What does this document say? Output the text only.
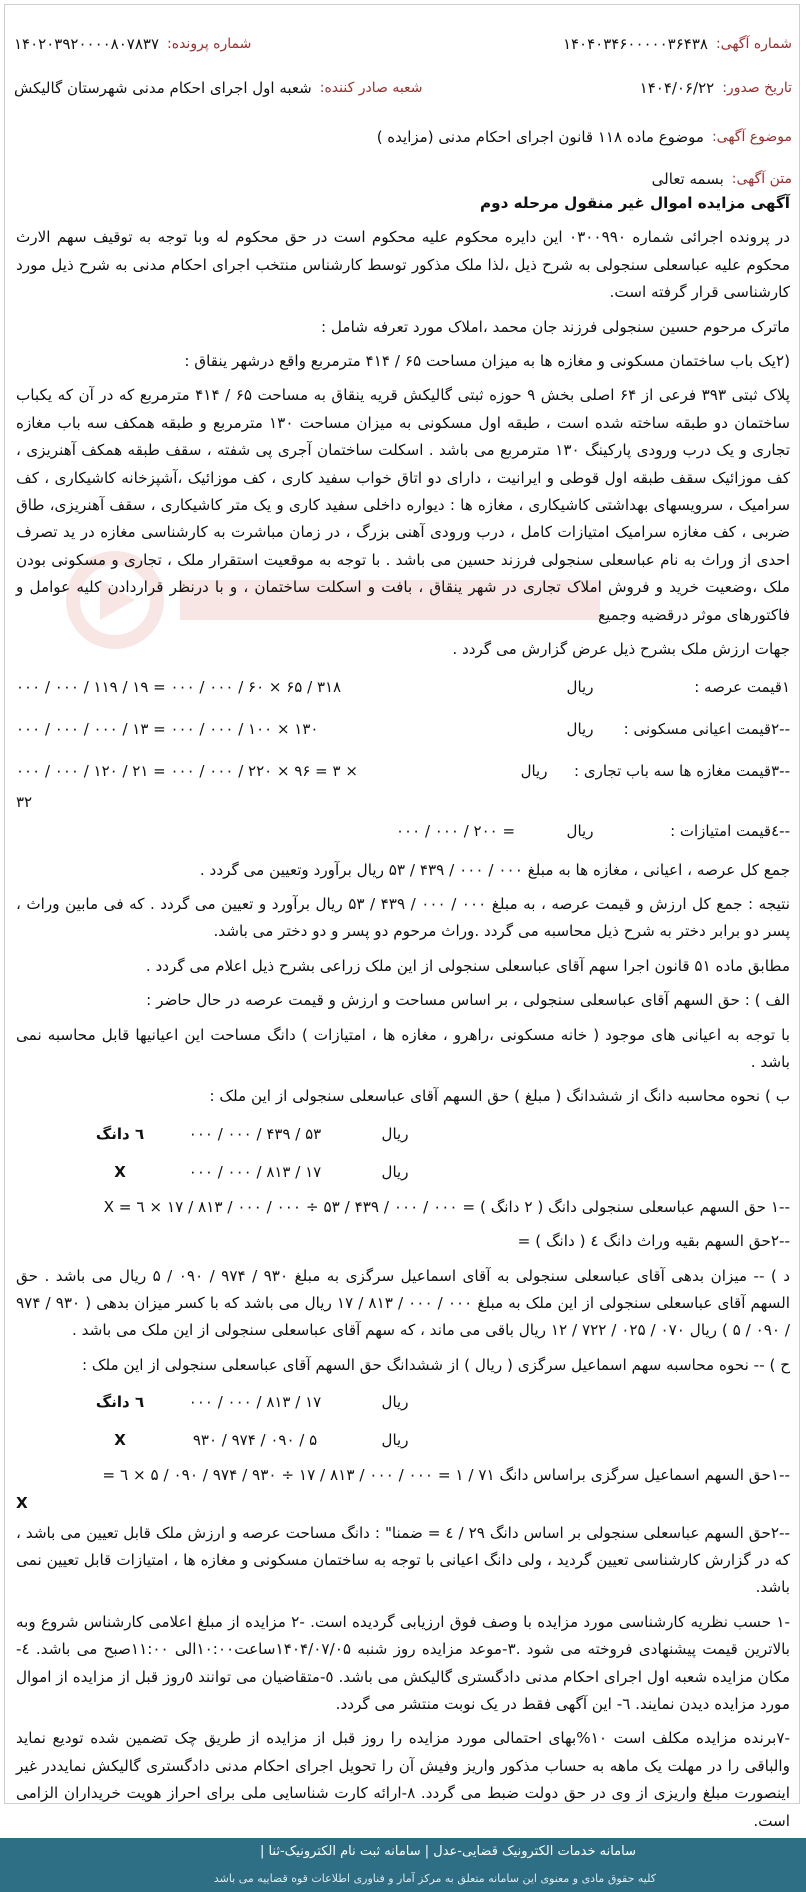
شماره آگهی:
۱۴۰۴۰۳۴۶۰۰۰۰۰۳۶۴۳۸
شماره پرونده:
۱۴۰۲۰۳۹۲۰۰۰۰۸۰۷۸۳۷
تاریخ صدور:
۱۴۰۴/۰۶/۲۲
شعبه صادر کننده:
شعبه اول اجرای احکام مدنی شهرستان گالیکش
موضوع آگهی:
موضوع ماده ۱۱۸ قانون اجرای احکام مدنی (مزایده )
متن آگهی:
بسمه تعالی

آگهی مزایده اموال غیر منقول مرحله دوم

در پرونده اجرائی شماره ۰۳۰۰۹۹۰ این دایره محکوم علیه محکوم است در حق محکوم له وبا توجه به توقیف سهم الارث محکوم علیه عباسعلی سنجولی به شرح ذیل ،لذا ملک مذکور توسط کارشناس منتخب اجرای احکام مدنی به شرح ذیل مورد کارشناسی قرار گرفته است.

ماترک مرحوم حسین سنجولی فرزند جان محمد ،املاک مورد تعرفه شامل :

(۲یک باب ساختمان مسکونی و مغازه ها به میزان مساحت ۶۵ / ۴۱۴ مترمربع واقع درشهر ینقاق :

پلاک ثبتی ۳۹۳ فرعی از ۶۴ اصلی بخش ۹ حوزه ثبتی گالیکش قریه ینقاق به مساحت ۶۵ / ۴۱۴ مترمربع که در آن که یکباب ساختمان دو طبقه ساخته شده است ، طبقه اول مسکونی به میزان مساحت ۱۳۰ مترمربع و طبقه همکف سه باب مغازه تجاری و یک درب ورودی پارکینگ ۱۳۰ مترمربع می باشد . اسکلت ساختمان آجری پی شفته ، سقف طبقه همکف آهنریزی ، کف موزائیک سقف طبقه اول قوطی و ایرانیت ، دارای دو اتاق خواب سفید کاری ، کف موزائیک ،آشپزخانه کاشیکاری ، کف سرامیک ، سرویسهای بهداشتی کاشیکاری ، مغازه ها : دیواره داخلی سفید کاری و یک متر کاشیکاری ، سقف آهنریزی، طاق ضربی ، کف مغازه سرامیک امتیازات کامل ، درب ورودی آهنی بزرگ ، در زمان مباشرت به کارشناسی مغازه در ید تصرف احدی از وراث به نام عباسعلی سنجولی فرزند حسین می باشد . با توجه به موقعیت استقرار ملک ، تجاری و مسکونی بودن ملک ،وضعیت خرید و فروش املاک تجاری در شهر ینقاق ، بافت و اسکلت ساختمان ، و با درنظر قراردادن کلیه عوامل و فاکتورهای موثر درقضیه وجمیع

جهات ارزش ملک بشرح ذیل عرض گزارش می گردد .

۱قیمت عرصه :
ریال
۰۰۰ / ۰۰۰ / ۱۱۹ / ۱۹ = ۰۰۰ / ۰۰۰ / ۶۰ × ۶۵ / ۳۱۸
--۲قیمت اعیانی مسکونی :
ریال
۰۰۰ / ۰۰۰ / ۰۰۰ / ۱۳ = ۰۰۰ / ۰۰۰ / ۱۰۰ × ۱۳۰
--۳قیمت مغازه ها سه باب تجاری :
ریال
۰۰۰ / ۰۰۰ / ۱۲۰ / ۲۱ = ۰۰۰ / ۰۰۰ / ۲۲۰ × ۹۶ = ۳ ×
۳۲
--٤قیمت امتیازات :
ریال
۰۰۰ / ۰۰۰ / ۲۰۰ =

جمع کل عرصه ، اعیانی ، مغازه ها به مبلغ ۰۰۰ / ۰۰۰ / ۴۳۹ / ۵۳ ریال برآورد وتعیین می گردد .

نتیجه : جمع کل ارزش و قیمت عرصه ، به مبلغ ۰۰۰ / ۰۰۰ / ۴۳۹ / ۵۳ ریال برآورد و تعیین می گردد . که فی مابین وراث ، پسر دو برابر دختر به شرح ذیل محاسبه می گردد .وراث مرحوم دو پسر و دو دختر می باشد.

مطابق ماده ۵۱ قانون اجرا سهم آقای عباسعلی سنجولی از این ملک زراعی بشرح ذیل اعلام می گردد .

الف ) : حق السهم آقای عباسعلی سنجولی ، بر اساس مساحت و ارزش و قیمت عرصه در حال حاضر :

با توجه به اعیانی های موجود ( خانه مسکونی ،راهرو ، مغازه ها ، امتیازات ) دانگ مساحت این اعیانیها قابل محاسبه نمی باشد .

ب ) نحوه محاسبه دانگ از ششدانگ ( مبلغ ) حق السهم آقای عباسعلی سنجولی از این ملک :

ریال
۰۰۰ / ۰۰۰ / ۴۳۹ / ۵۳
٦ دانگ
ریال
۰۰۰ / ۰۰۰ / ۸۱۳ / ۱۷
X

--۱ حق السهم عباسعلی سنجولی دانگ ( ۲ دانگ ) = ۰۰۰ / ۰۰۰ / ۴۳۹ / ۵۳ ÷ ۰۰۰ / ۰۰۰ / ۸۱۳ / ۱۷ × ٦ = X

--۲حق السهم بقیه وراث دانگ ٤ ( دانگ ) =

د ) -- میزان بدهی آقای عباسعلی سنجولی به آقای اسماعیل سرگزی به مبلغ ۹۳۰ / ۹۷۴ / ۰۹۰ / ۵ ریال می باشد . حق السهم آقای عباسعلی سنجولی از این ملک به مبلغ ۰۰۰ / ۰۰۰ / ۸۱۳ / ۱۷ ریال می باشد که با کسر میزان بدهی ( ۹۳۰ / ۹۷۴ / ۰۹۰ / ۵ ) ریال ۰۷۰ / ۰۲۵ / ۷۲۲ / ۱۲ ریال باقی می ماند ، که سهم آقای عباسعلی سنجولی از این ملک می باشد .

ح ) -- نحوه محاسبه سهم اسماعیل سرگزی ( ریال ) از ششدانگ حق السهم آقای عباسعلی سنجولی از این ملک :

ریال
۰۰۰ / ۰۰۰ / ۸۱۳ / ۱۷
٦ دانگ
ریال
۹۳۰ / ۹۷۴ / ۰۹۰ / ۵
X

--۱حق السهم اسماعیل سرگزی براساس دانگ ۷۱ / ۱ = ۰۰۰ / ۰۰۰ / ۸۱۳ / ۱۷ ÷ ۹۳۰ / ۹۷۴ / ۰۹۰ / ۵ × ٦ =

X

--۲حق السهم عباسعلی سنجولی بر اساس دانگ ۲۹ / ٤ = ضمنا" : دانگ مساحت عرصه و ارزش ملک قابل تعیین می باشد ، که در گزارش کارشناسی تعیین گردید ، ولی دانگ اعیانی با توجه به ساختمان مسکونی و مغازه ها ، امتیازات قابل تعیین نمی باشد.

-۱ حسب نظریه کارشناسی مورد مزایده با وصف فوق ارزیابی گردیده است. -۲ مزایده از مبلغ اعلامی کارشناس شروع وبه بالاترین قیمت پیشنهادی فروخته می شود .۳-موعد مزایده روز شنبه ۱۴۰۴/۰۷/۰۵ساعت۱۰:۰۰الی ۱۱:۰۰صبح می باشد. ٤-مکان مزایده شعبه اول اجرای احکام مدنی دادگستری گالیکش می باشد. ٥-متقاضیان می توانند ٥روز قبل از مزایده از اموال مورد مزایده دیدن نمایند. ٦- این آگهی فقط در یک نوبت منتشر می گردد.

-۷برنده مزایده مکلف است ۱۰%بهای احتمالی مورد مزایده را روز قبل از مزایده از طریق چک تضمین شده تودیع نماید والباقی را در مهلت یک ماهه به حساب مذکور واریز وفیش آن را تحویل اجرای احکام مدنی دادگستری گالیکش نمایددر غیر اینصورت مبلغ واریزی از وی در حق دولت ضبط می گردد. ۸-ارائه کارت شناسایی ملی برای احراز هویت خریداران الزامی است.

سامانه خدمات الکترونیک قضایی-عدل | سامانه ثبت نام الکترونیک-ثنا |
کلیه حقوق مادی و معنوی این سامانه متعلق به مرکز آمار و فناوری اطلاعات قوه قضاییه می باشد
